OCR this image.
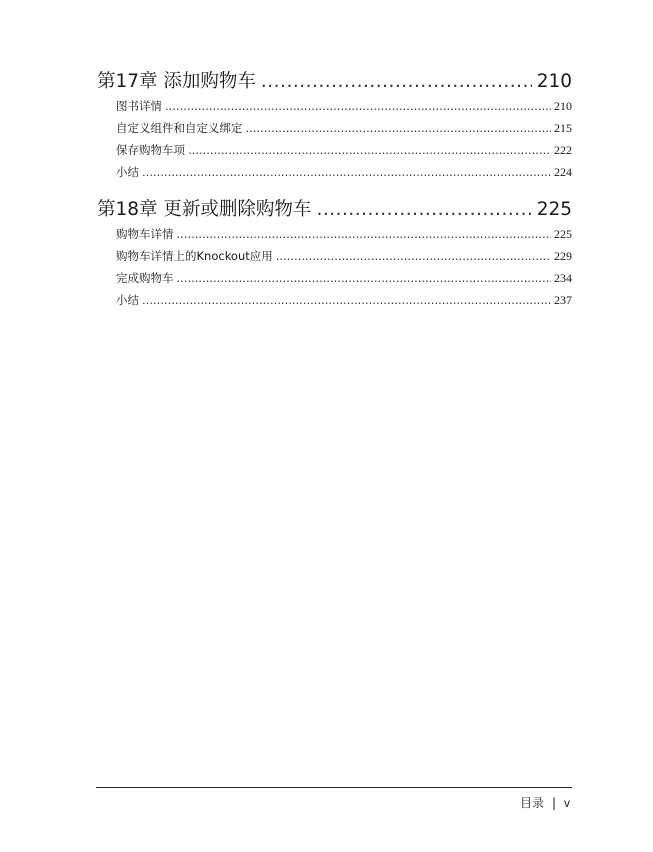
第17章 添加购物车 .....	210
图书详情 .....	210
自定义组件和自定义绑定 .....	215
保存购物车项 .....	222
小结 .....	224
第18章 更新或删除购物车 .....	225
购物车详情 .....	225
购物车详情上的Knockout应用 .....	229
完成购物车 .....	234
小结 .....	237
目录 | v
